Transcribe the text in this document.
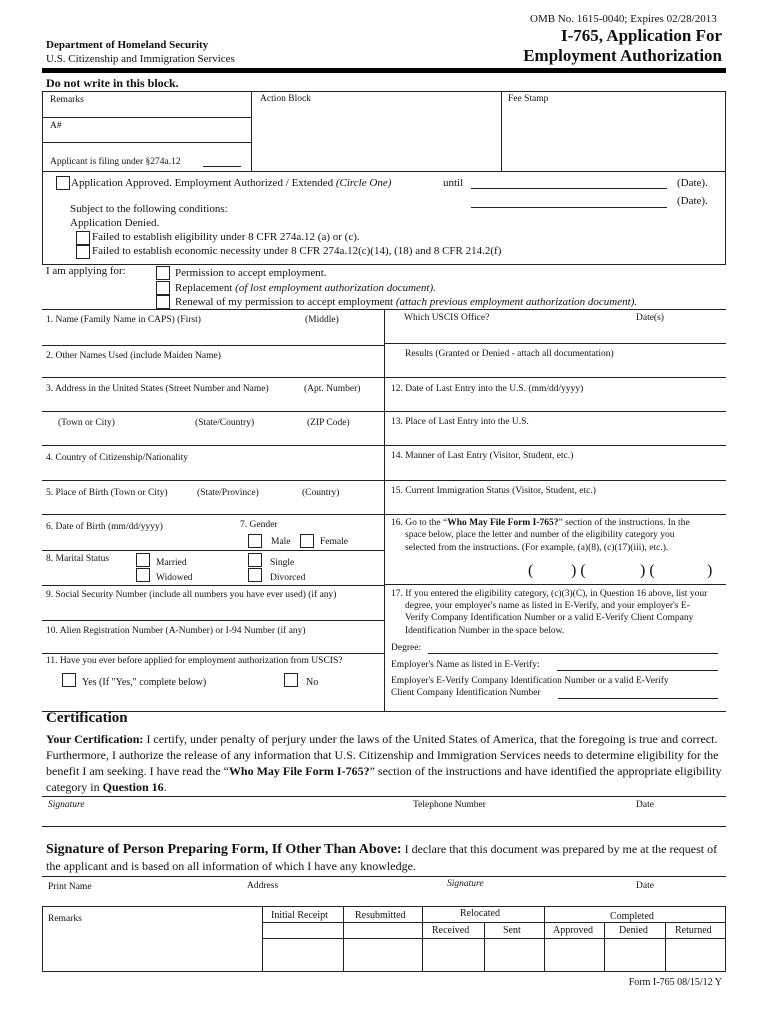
OMB No. 1615-0040; Expires 02/28/2013
I-765, Application For
Employment Authorization
Department of Homeland Security
U.S. Citizenship and Immigration Services
Do not write in this block.
Remarks	Action Block	Fee Stamp
A#
Applicant is filing under §274a.12
Application Approved. Employment Authorized / Extended (Circle One)	until	(Date).
(Date).
Subject to the following conditions:
Application Denied.
Failed to establish eligibility under 8 CFR 274a.12 (a) or (c).
Failed to establish economic necessity under 8 CFR 274a.12(c)(14), (18) and 8 CFR 214.2(f)
I am applying for:	Permission to accept employment.
Replacement (of lost employment authorization document).
Renewal of my permission to accept employment (attach previous employment authorization document).
1. Name (Family Name in CAPS) (First)	(Middle)
2. Other Names Used (include Maiden Name)
3. Address in the United States (Street Number and Name)	(Apt. Number)
(Town or City)	(State/Country)	(ZIP Code)
4. Country of Citizenship/Nationality
5. Place of Birth (Town or City)	(State/Province)	(Country)
6. Date of Birth (mm/dd/yyyy)	7. Gender
Male	Female
8. Marital Status	Married	Single
Widowed	Divorced
9. Social Security Number (include all numbers you have ever used) (if any)
10. Alien Registration Number (A-Number) or I-94 Number (if any)
11. Have you ever before applied for employment authorization from USCIS?
Yes (If "Yes," complete below)	No
Which USCIS Office?	Date(s)
Results (Granted or Denied - attach all documentation)
12. Date of Last Entry into the U.S. (mm/dd/yyyy)
13. Place of Last Entry into the U.S.
14. Manner of Last Entry (Visitor, Student, etc.)
15. Current Immigration Status (Visitor, Student, etc.)
16. Go to the “Who May File Form I-765?” section of the instructions. In the
space below, place the letter and number of the eligibility category you
selected from the instructions. (For example, (a)(8), (c)(17)(iii), etc.).
( ) (	) (	)
17. If you entered the eligibility category, (c)(3)(C), in Question 16 above, list your
degree, your employer's name as listed in E-Verify, and your employer's E-
Verify Company Identification Number or a valid E-Verify Client Company
Identification Number in the space below.
Degree:
Employer's Name as listed in E-Verify:
Employer's E-Verify Company Identification Number or a valid E-Verify
Client Company Identification Number
Certification
Your Certification: I certify, under penalty of perjury under the laws of the United States of America, that the foregoing is true and correct. Furthermore, I authorize the release of any information that U.S. Citizenship and Immigration Services needs to determine eligibility for the benefit I am seeking. I have read the “Who May File Form I-765?” section of the instructions and have identified the appropriate eligibility category in Question 16.
Signature	Telephone Number	Date
Signature of Person Preparing Form, If Other Than Above: I declare that this document was prepared by me at the request of the applicant and is based on all information of which I have any knowledge.
Print Name	Address	Signature	Date
Remarks	Initial Receipt	Resubmitted	Relocated	Completed
Received	Sent	Approved	Denied	Returned
Form I-765 08/15/12 Y
